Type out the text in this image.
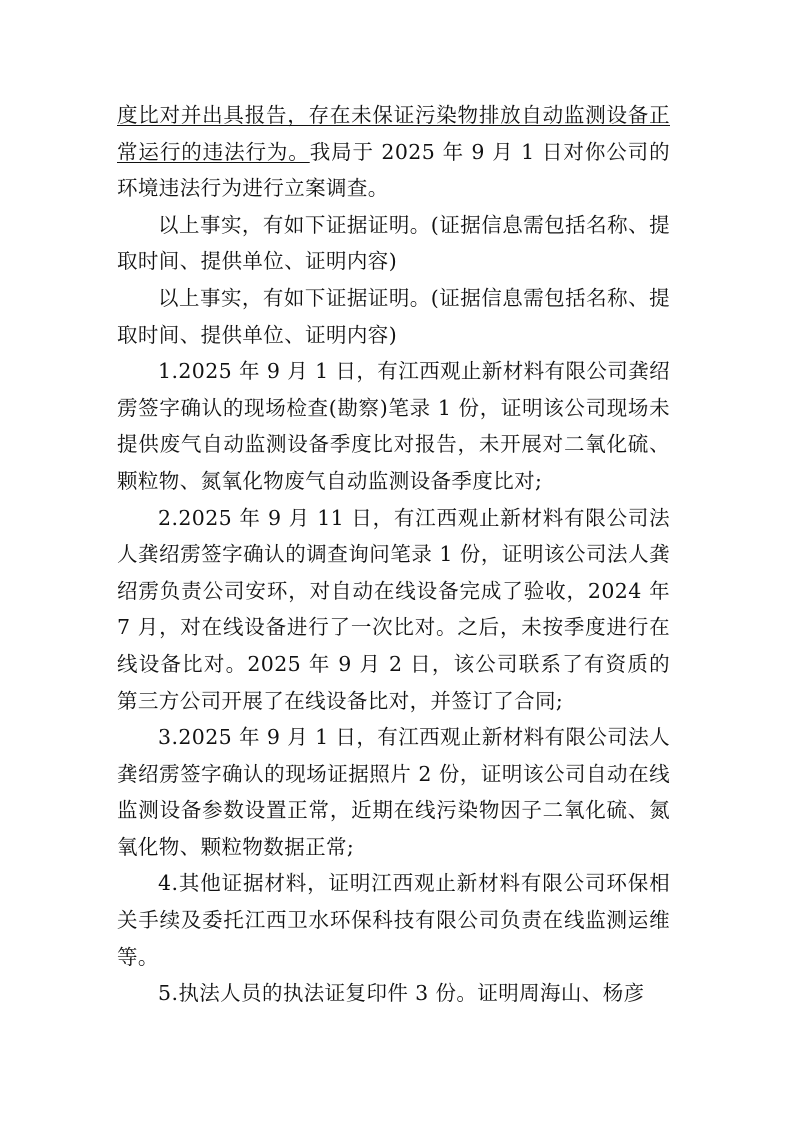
度比对并出具报告，存在未保证污染物排放自动监测设备正常运行的违法行为。我局于 2025 年 9 月 1 日对你公司的环境违法行为进行立案调查。

以上事实，有如下证据证明。(证据信息需包括名称、提取时间、提供单位、证明内容)

以上事实，有如下证据证明。(证据信息需包括名称、提取时间、提供单位、证明内容)

1.2025 年 9 月 1 日，有江西观止新材料有限公司龚绍雳签字确认的现场检查(勘察)笔录 1 份，证明该公司现场未提供废气自动监测设备季度比对报告，未开展对二氧化硫、颗粒物、氮氧化物废气自动监测设备季度比对;

2.2025 年 9 月 11 日，有江西观止新材料有限公司法人龚绍雳签字确认的调查询问笔录 1 份，证明该公司法人龚绍雳负责公司安环，对自动在线设备完成了验收，2024 年 7 月，对在线设备进行了一次比对。之后，未按季度进行在线设备比对。2025 年 9 月 2 日，该公司联系了有资质的第三方公司开展了在线设备比对，并签订了合同;

3.2025 年 9 月 1 日，有江西观止新材料有限公司法人龚绍雳签字确认的现场证据照片 2 份，证明该公司自动在线监测设备参数设置正常，近期在线污染物因子二氧化硫、氮氧化物、颗粒物数据正常;

4.其他证据材料，证明江西观止新材料有限公司环保相关手续及委托江西卫水环保科技有限公司负责在线监测运维等。

5.执法人员的执法证复印件 3 份。证明周海山、杨彦
